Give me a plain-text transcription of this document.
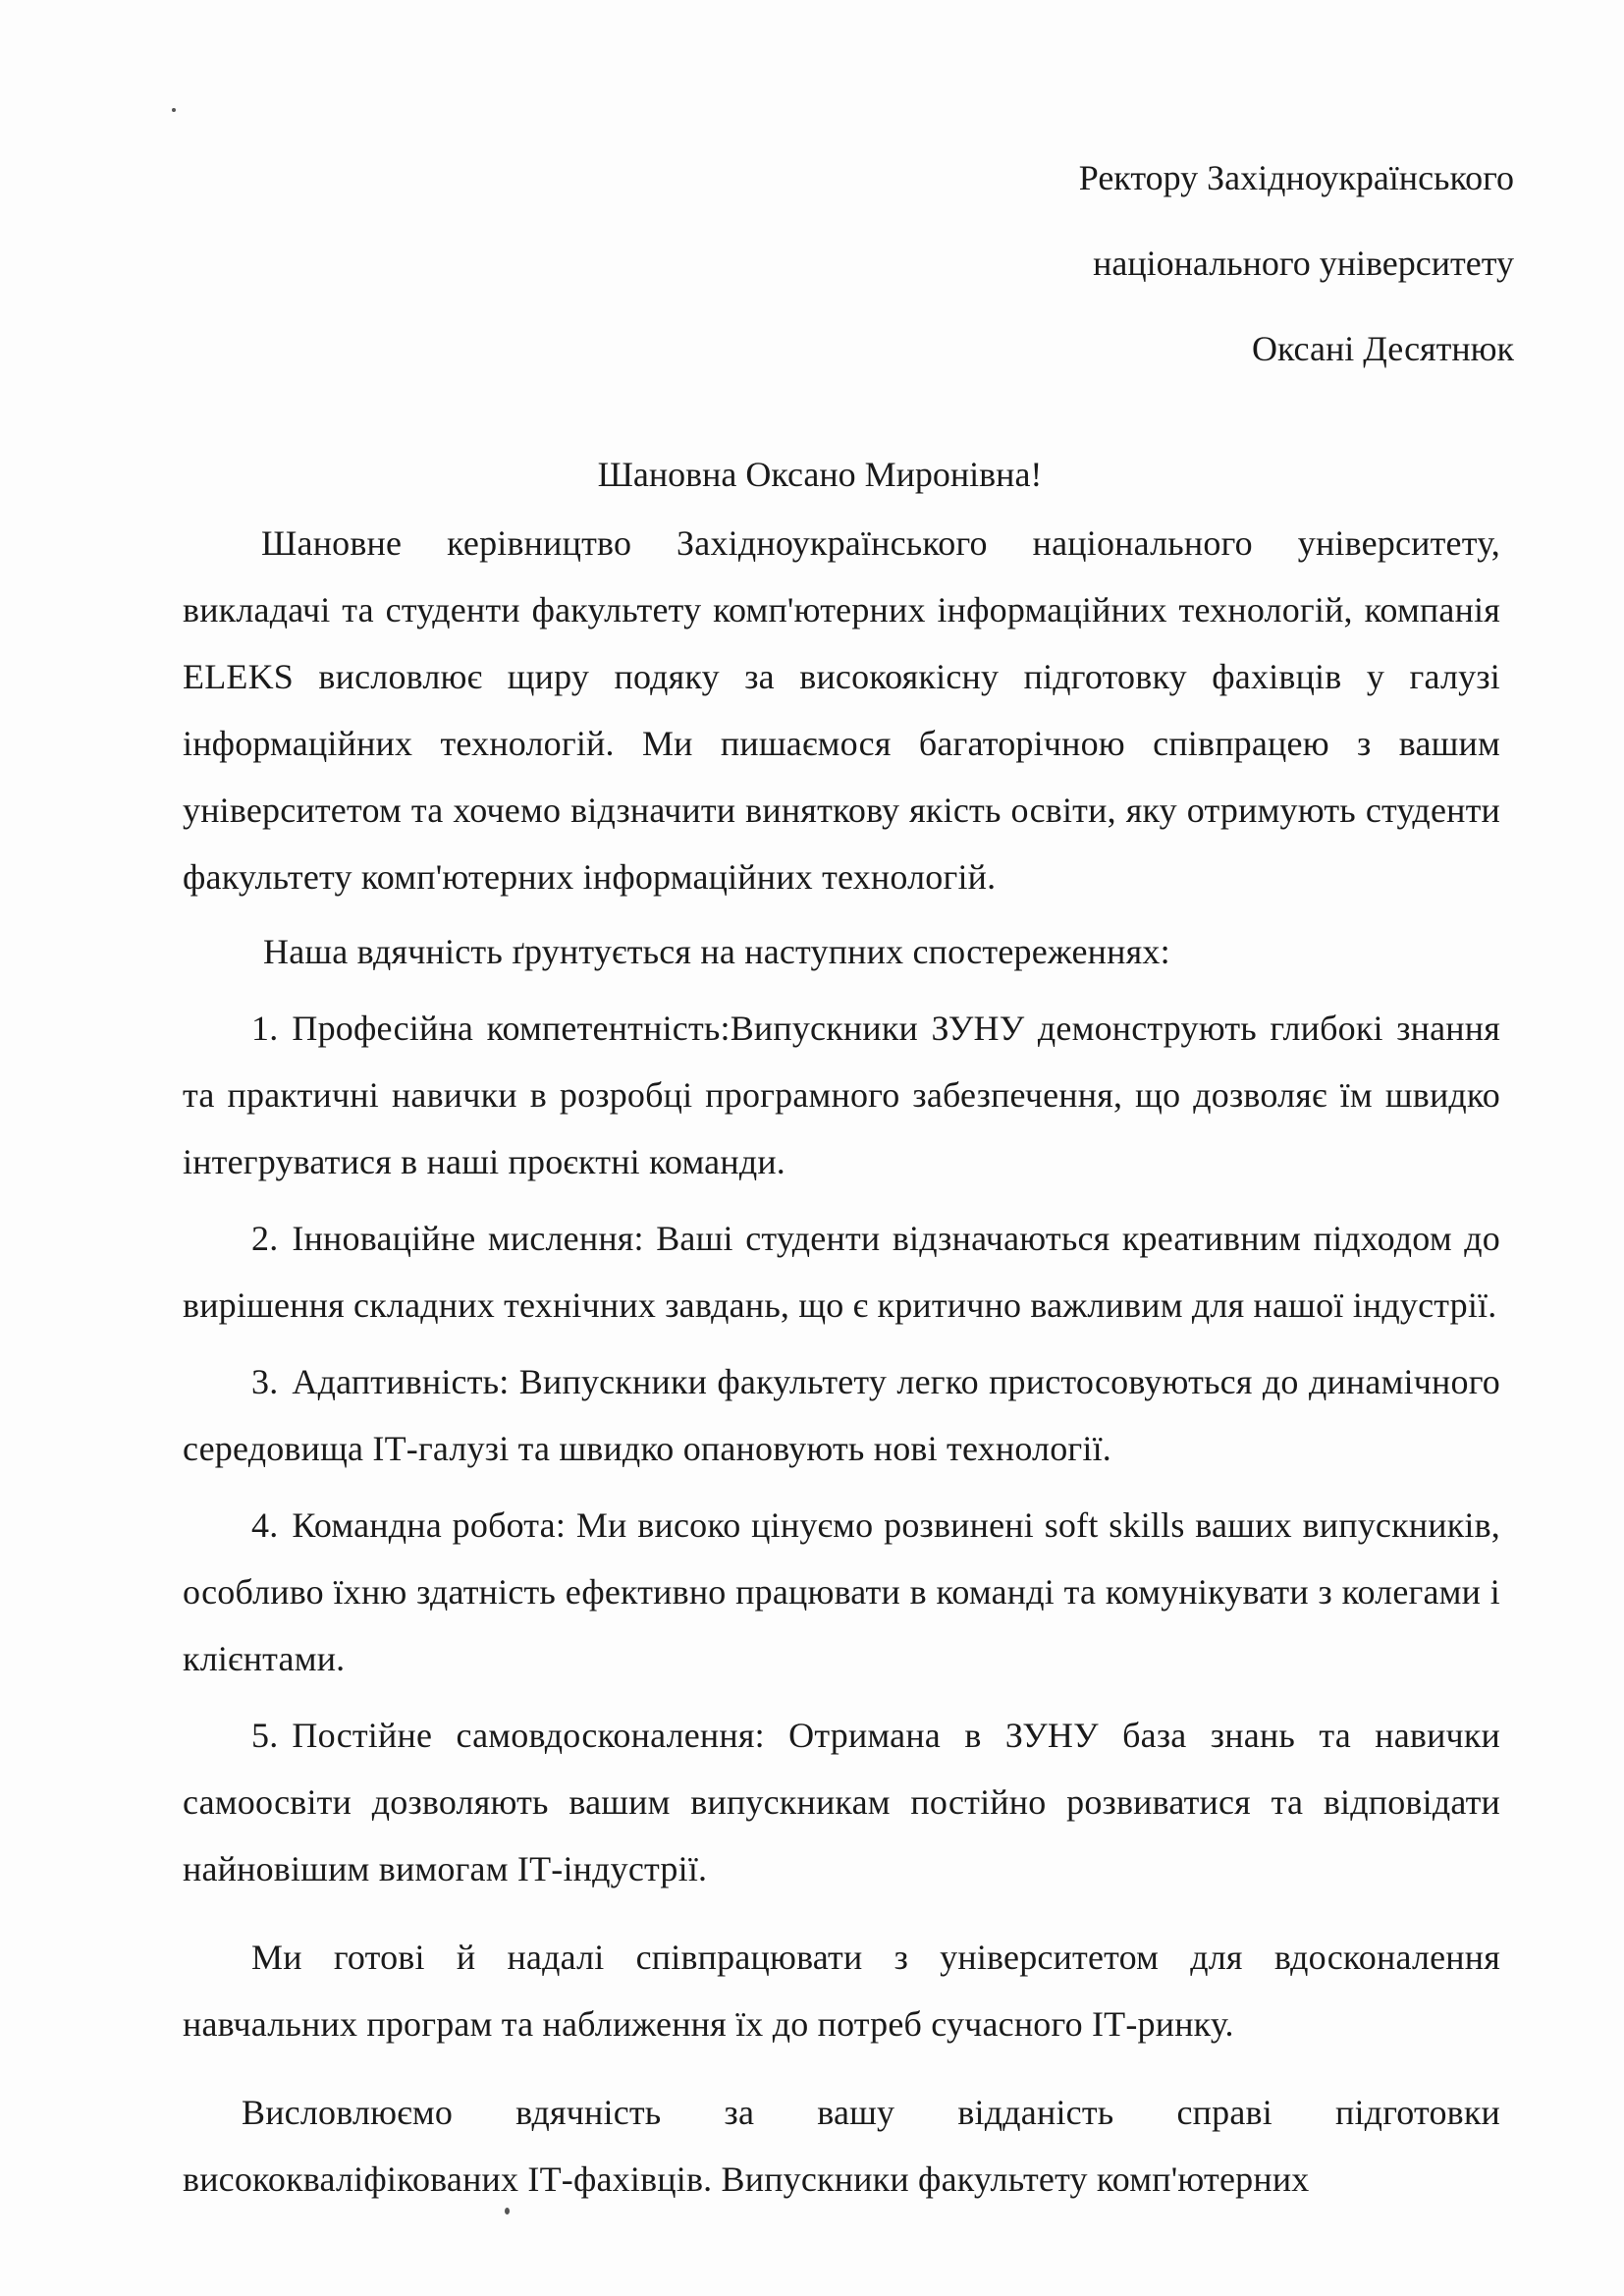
Ректору Західноукраїнського
національного університету
Оксані Десятнюк
Шановна Оксано Миронівна!

Шановне керівництво Західноукраїнського національного університету, викладачі та студенти факультету комп'ютерних інформаційних технологій, компанія ELEKS висловлює щиру подяку за високоякісну підготовку фахівців у галузі інформаційних технологій. Ми пишаємося багаторічною співпрацею з вашим університетом та хочемо відзначити виняткову якість освіти, яку отримують студенти факультету комп'ютерних інформаційних технологій.

Наша вдячність ґрунтується на наступних спостереженнях:

1. Професійна компетентність:Випускники ЗУНУ демонструють глибокі знання та практичні навички в розробці програмного забезпечення, що дозволяє їм швидко інтегруватися в наші проєктні команди.

2. Інноваційне мислення: Ваші студенти відзначаються креативним підходом до вирішення складних технічних завдань, що є критично важливим для нашої індустрії.

3. Адаптивність: Випускники факультету легко пристосовуються до динамічного середовища ІТ-галузі та швидко опановують нові технології.

4. Командна робота: Ми високо цінуємо розвинені soft skills ваших випускників, особливо їхню здатність ефективно працювати в команді та комунікувати з колегами і клієнтами.

5. Постійне самовдосконалення: Отримана в ЗУНУ база знань та навички самоосвіти дозволяють вашим випускникам постійно розвиватися та відповідати найновішим вимогам ІТ-індустрії.

Ми готові й надалі співпрацювати з університетом для вдосконалення навчальних програм та наближення їх до потреб сучасного ІТ-ринку.

Висловлюємо вдячність за вашу відданість справі підготовки висококваліфікованих ІТ-фахівців. Випускники факультету комп'ютерних
